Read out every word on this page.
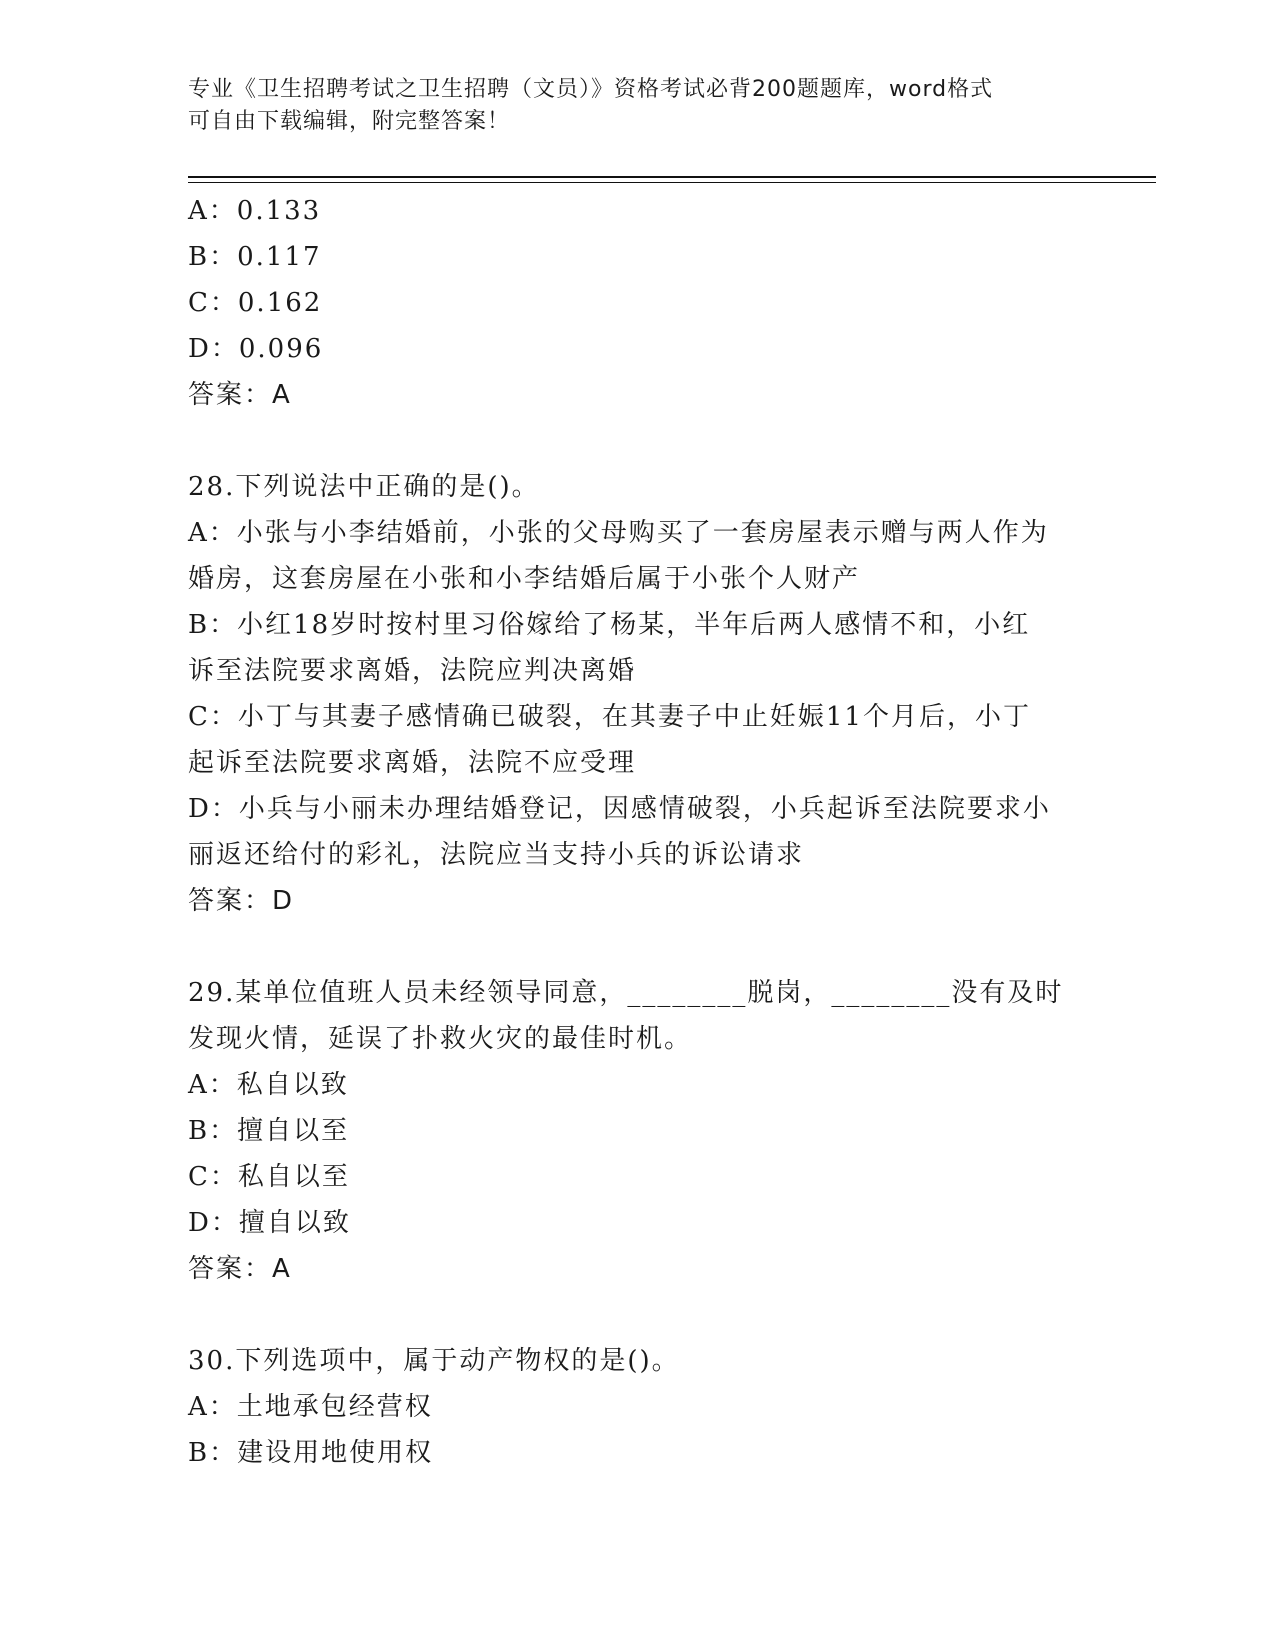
专业《卫生招聘考试之卫生招聘（文员）》资格考试必背200题题库，word格式
可自由下载编辑，附完整答案！
A：0.133
B：0.117
C：0.162
D：0.096
答案：A
28.下列说法中正确的是()。
A：小张与小李结婚前，小张的父母购买了一套房屋表示赠与两人作为
婚房，这套房屋在小张和小李结婚后属于小张个人财产
B：小红18岁时按村里习俗嫁给了杨某，半年后两人感情不和，小红
诉至法院要求离婚，法院应判决离婚
C：小丁与其妻子感情确已破裂，在其妻子中止妊娠11个月后，小丁
起诉至法院要求离婚，法院不应受理
D：小兵与小丽未办理结婚登记，因感情破裂，小兵起诉至法院要求小
丽返还给付的彩礼，法院应当支持小兵的诉讼请求
答案：D
29.某单位值班人员未经领导同意，________脱岗，________没有及时
发现火情，延误了扑救火灾的最佳时机。
A：私自以致
B：擅自以至
C：私自以至
D：擅自以致
答案：A
30.下列选项中，属于动产物权的是()。
A：土地承包经营权
B：建设用地使用权
